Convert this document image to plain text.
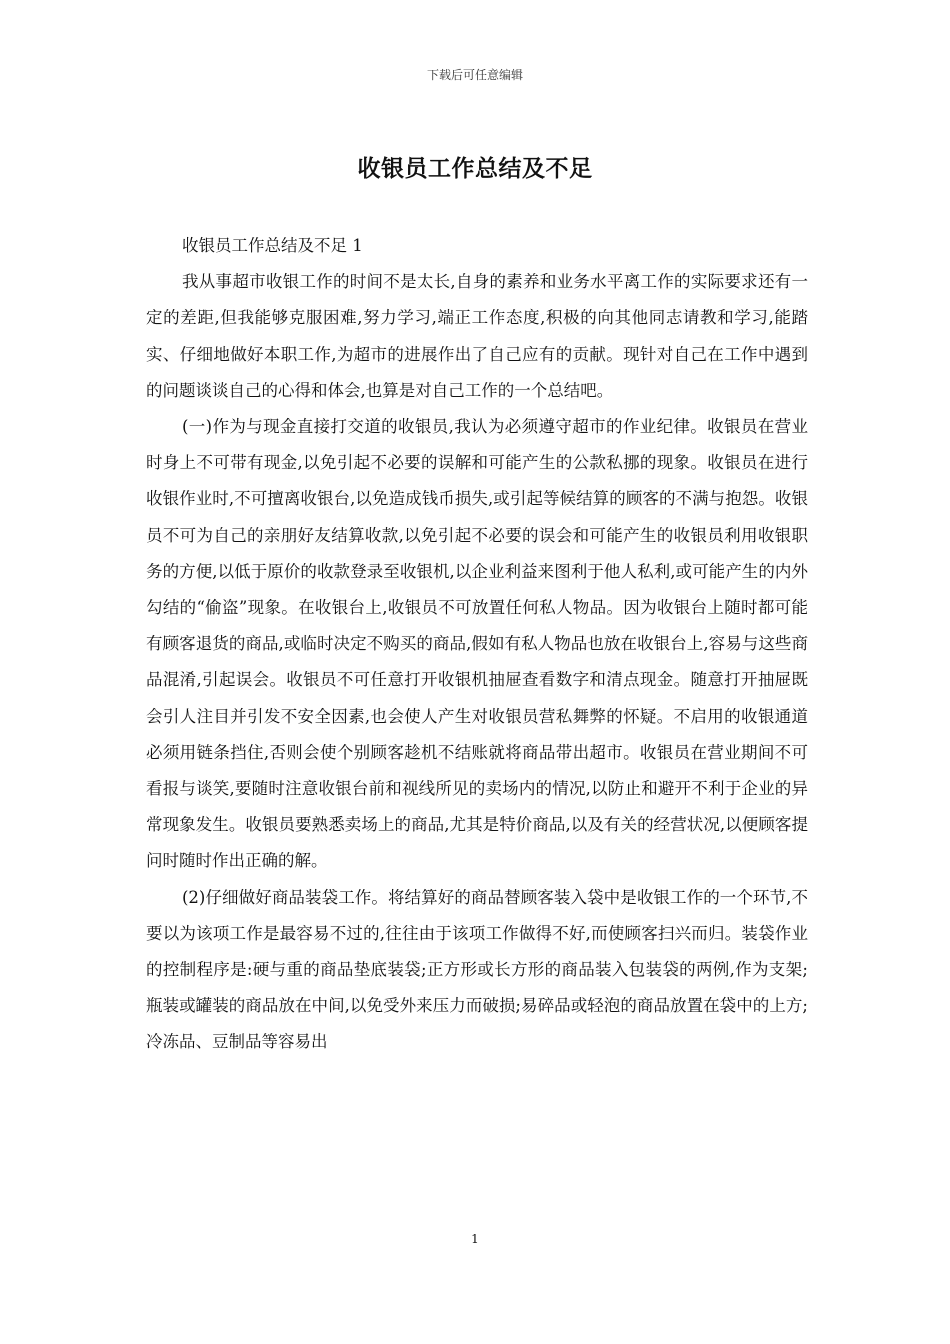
下载后可任意编辑
收银员工作总结及不足

收银员工作总结及不足 1

我从事超市收银工作的时间不是太长,自身的素养和业务水平离工作的实际要求还有一定的差距,但我能够克服困难,努力学习,端正工作态度,积极的向其他同志请教和学习,能踏实、仔细地做好本职工作,为超市的进展作出了自己应有的贡献。现针对自己在工作中遇到的问题谈谈自己的心得和体会,也算是对自己工作的一个总结吧。

(一)作为与现金直接打交道的收银员,我认为必须遵守超市的作业纪律。收银员在营业时身上不可带有现金,以免引起不必要的误解和可能产生的公款私挪的现象。收银员在进行收银作业时,不可擅离收银台,以免造成钱币损失,或引起等候结算的顾客的不满与抱怨。收银员不可为自己的亲朋好友结算收款,以免引起不必要的误会和可能产生的收银员利用收银职务的方便,以低于原价的收款登录至收银机,以企业利益来图利于他人私利,或可能产生的内外勾结的“偷盗”现象。在收银台上,收银员不可放置任何私人物品。因为收银台上随时都可能有顾客退货的商品,或临时决定不购买的商品,假如有私人物品也放在收银台上,容易与这些商品混淆,引起误会。收银员不可任意打开收银机抽屉查看数字和清点现金。随意打开抽屉既会引人注目并引发不安全因素,也会使人产生对收银员营私舞弊的怀疑。不启用的收银通道必须用链条挡住,否则会使个别顾客趁机不结账就将商品带出超市。收银员在营业期间不可看报与谈笑,要随时注意收银台前和视线所见的卖场内的情况,以防止和避开不利于企业的异常现象发生。收银员要熟悉卖场上的商品,尤其是特价商品,以及有关的经营状况,以便顾客提问时随时作出正确的解。

(2)仔细做好商品装袋工作。将结算好的商品替顾客装入袋中是收银工作的一个环节,不要以为该项工作是最容易不过的,往往由于该项工作做得不好,而使顾客扫兴而归。装袋作业的控制程序是:硬与重的商品垫底装袋;正方形或长方形的商品装入包装袋的两例,作为支架;瓶装或罐装的商品放在中间,以免受外来压力而破损;易碎品或轻泡的商品放置在袋中的上方;冷冻品、豆制品等容易出

1
